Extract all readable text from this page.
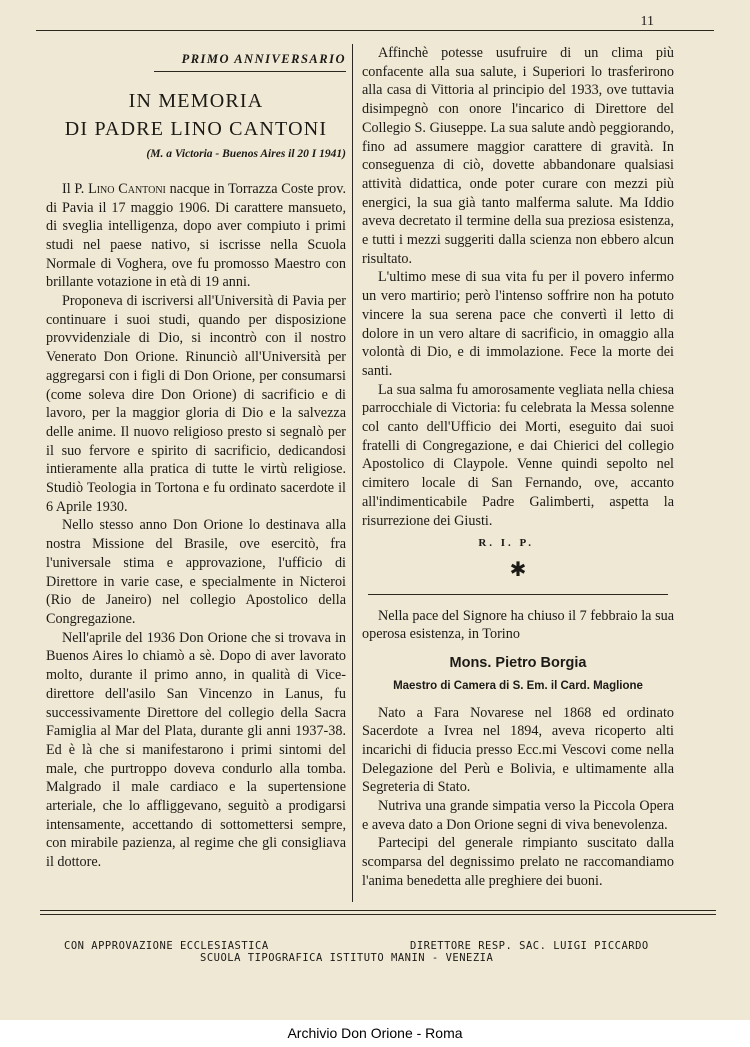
11
PRIMO ANNIVERSARIO
IN MEMORIA
DI PADRE LINO CANTONI
(M. a Victoria - Buenos Aires il 20 I 1941)

Il P. Lino Cantoni nacque in Torrazza Coste prov. di Pavia il 17 maggio 1906. Di carattere mansueto, di sveglia intelligenza, dopo aver compiuto i primi studi nel paese nativo, si iscrisse nella Scuola Normale di Voghera, ove fu promosso Maestro con brillante votazione in età di 19 anni.

Proponeva di iscriversi all'Università di Pavia per continuare i suoi studi, quando per disposizione provvidenziale di Dio, si incontrò con il nostro Venerato Don Orione. Rinunciò all'Università per aggregarsi con i figli di Don Orione, per consumarsi (come soleva dire Don Orione) di sacrificio e di lavoro, per la maggior gloria di Dio e la salvezza delle anime. Il nuovo religioso presto si segnalò per il suo fervore e spirito di sacrificio, dedicandosi intieramente alla pratica di tutte le virtù religiose. Studiò Teologia in Tortona e fu ordinato sacerdote il 6 Aprile 1930.

Nello stesso anno Don Orione lo destinava alla nostra Missione del Brasile, ove esercitò, fra l'universale stima e approvazione, l'ufficio di Direttore in varie case, e specialmente in Nicteroi (Rio de Janeiro) nel collegio Apostolico della Congregazione.

Nell'aprile del 1936 Don Orione che si trovava in Buenos Aires lo chiamò a sè. Dopo di aver lavorato molto, durante il primo anno, in qualità di Vice-direttore dell'asilo San Vincenzo in Lanus, fu successivamente Direttore del collegio della Sacra Famiglia al Mar del Plata, durante gli anni 1937-38. Ed è là che si manifestarono i primi sintomi del male, che purtroppo doveva condurlo alla tomba. Malgrado il male cardiaco e la supertensione arteriale, che lo affliggevano, seguitò a prodigarsi intensamente, accettando di sottomettersi sempre, con mirabile pazienza, al regime che gli consigliava il dottore.

Affinchè potesse usufruire di un clima più confacente alla sua salute, i Superiori lo trasferirono alla casa di Vittoria al principio del 1933, ove tuttavia disimpegnò con onore l'incarico di Direttore del Collegio S. Giuseppe. La sua salute andò peggiorando, fino ad assumere maggior carattere di gravità. In conseguenza di ciò, dovette abbandonare qualsiasi attività didattica, onde poter curare con mezzi più energici, la sua già tanto malferma salute. Ma Iddio aveva decretato il termine della sua preziosa esistenza, e tutti i mezzi suggeriti dalla scienza non ebbero alcun risultato.

L'ultimo mese di sua vita fu per il povero infermo un vero martirio; però l'intenso soffrire non ha potuto vincere la sua serena pace che convertì il letto di dolore in un vero altare di sacrificio, in omaggio alla volontà di Dio, e di immolazione. Fece la morte dei santi.

La sua salma fu amorosamente vegliata nella chiesa parrocchiale di Victoria: fu celebrata la Messa solenne col canto dell'Ufficio dei Morti, eseguito dai suoi fratelli di Congregazione, e dai Chierici del collegio Apostolico di Claypole. Venne quindi sepolto nel cimitero locale di San Fernando, ove, accanto all'indimenticabile Padre Galimberti, aspetta la risurrezione dei Giusti.

R. I. P.
✱

Nella pace del Signore ha chiuso il 7 febbraio la sua operosa esistenza, in Torino

Mons. Pietro Borgia
Maestro di Camera di S. Em. il Card. Maglione

Nato a Fara Novarese nel 1868 ed ordinato Sacerdote a Ivrea nel 1894, aveva ricoperto alti incarichi di fiducia presso Ecc.mi Vescovi come nella Delegazione del Perù e Bolivia, e ultimamente alla Segreteria di Stato.

Nutriva una grande simpatia verso la Piccola Opera e aveva dato a Don Orione segni di viva benevolenza.

Partecipi del generale rimpianto suscitato dalla scomparsa del degnissimo prelato ne raccomandiamo l'anima benedetta alle preghiere dei buoni.

CON APPROVAZIONE ECCLESIASTICA	DIRETTORE RESP. SAC. LUIGI PICCARDO
SCUOLA TIPOGRAFICA ISTITUTO MANIN - VENEZIA
Archivio Don Orione - Roma
